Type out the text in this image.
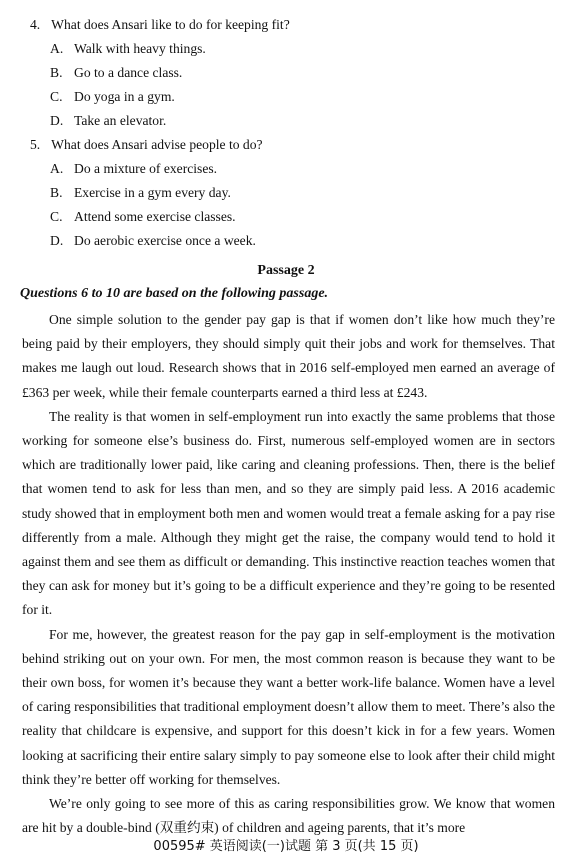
4. What does Ansari like to do for keeping fit?
A. Walk with heavy things.
B. Go to a dance class.
C. Do yoga in a gym.
D. Take an elevator.
5. What does Ansari advise people to do?
A. Do a mixture of exercises.
B. Exercise in a gym every day.
C. Attend some exercise classes.
D. Do aerobic exercise once a week.
Passage 2
Questions 6 to 10 are based on the following passage.

One simple solution to the gender pay gap is that if women don’t like how much they’re being paid by their employers, they should simply quit their jobs and work for themselves. That makes me laugh out loud. Research shows that in 2016 self-employed men earned an average of £363 per week, while their female counterparts earned a third less at £243.

The reality is that women in self-employment run into exactly the same problems that those working for someone else’s business do. First, numerous self-employed women are in sectors which are traditionally lower paid, like caring and cleaning professions. Then, there is the belief that women tend to ask for less than men, and so they are simply paid less. A 2016 academic study showed that in employment both men and women would treat a female asking for a pay rise differently from a male. Although they might get the raise, the company would tend to hold it against them and see them as difficult or demanding. This instinctive reaction teaches women that they can ask for money but it’s going to be a difficult experience and they’re going to be resented for it.

For me, however, the greatest reason for the pay gap in self-employment is the motivation behind striking out on your own. For men, the most common reason is because they want to be their own boss, for women it’s because they want a better work-life balance. Women have a level of caring responsibilities that traditional employment doesn’t allow them to meet. There’s also the reality that childcare is expensive, and support for this doesn’t kick in for a few years. Women looking at sacrificing their entire salary simply to pay someone else to look after their child might think they’re better off working for themselves.

We’re only going to see more of this as caring responsibilities grow. We know that women are hit by a double-bind (双重约束) of children and ageing parents, that it’s more

00595# 英语阅读(一)试题 第 3 页(共 15 页)
